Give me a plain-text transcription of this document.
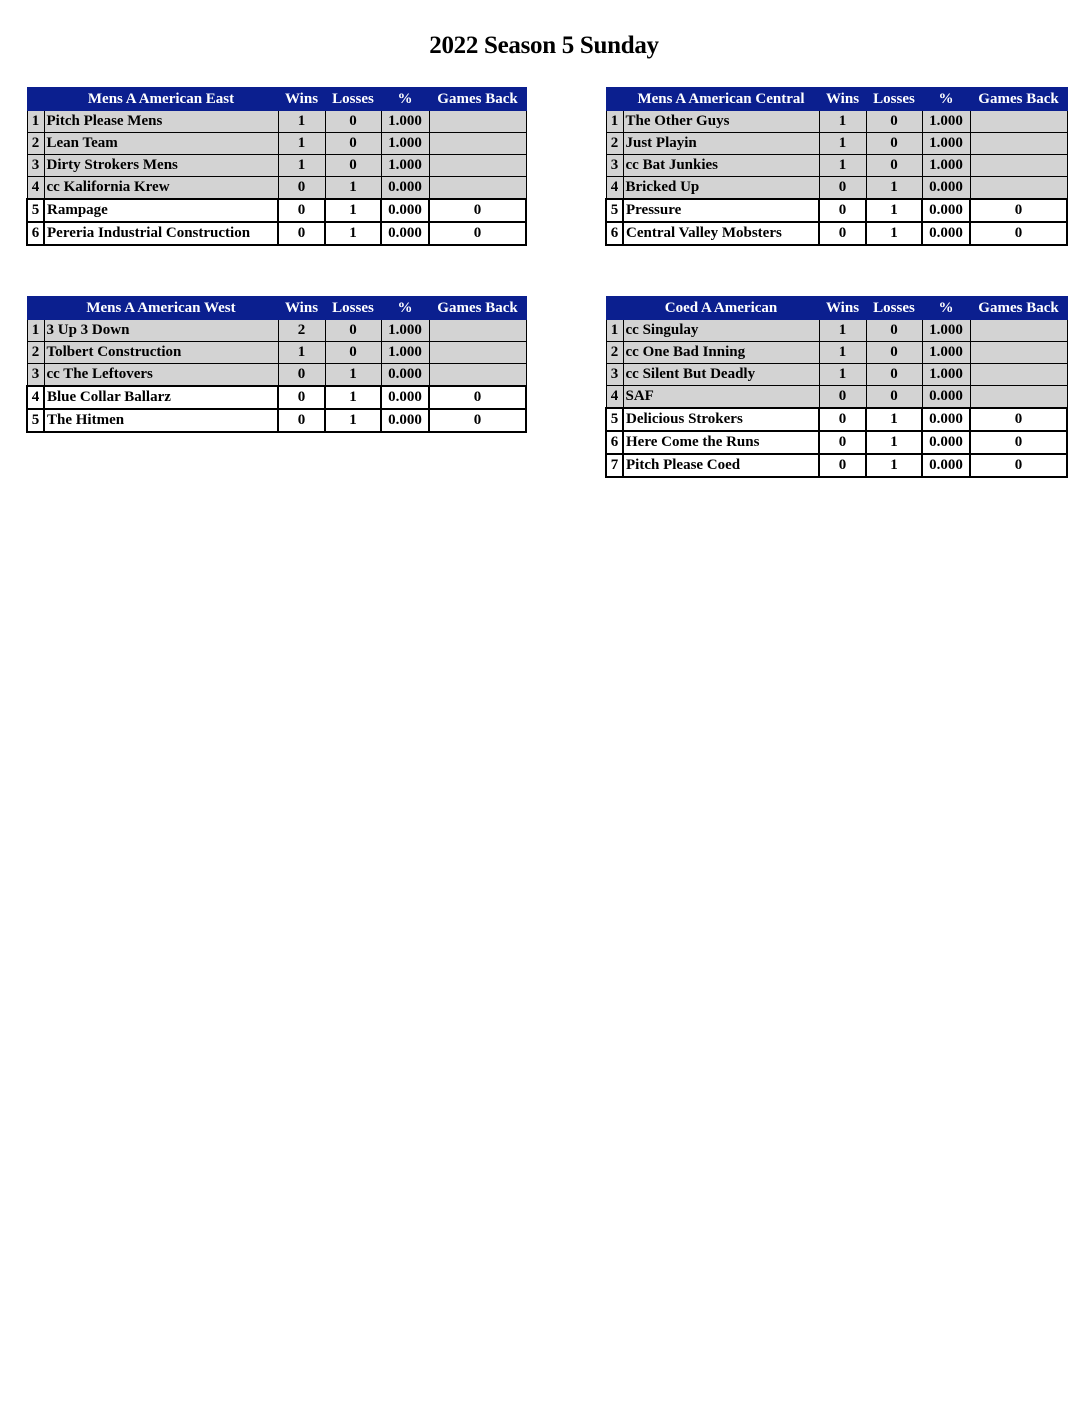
2022 Season 5 Sunday
	Mens A American East	Wins	Losses	%	Games Back
1	Pitch Please Mens	1	0	1.000	
2	Lean Team	1	0	1.000	
3	Dirty Strokers Mens	1	0	1.000	
4	cc Kalifornia Krew	0	1	0.000	
5	Rampage	0	1	0.000	0
6	Pereria Industrial Construction	0	1	0.000	0
	Mens A American Central	Wins	Losses	%	Games Back
1	The Other Guys	1	0	1.000	
2	Just Playin	1	0	1.000	
3	cc Bat Junkies	1	0	1.000	
4	Bricked Up	0	1	0.000	
5	Pressure	0	1	0.000	0
6	Central Valley Mobsters	0	1	0.000	0
	Mens A American West	Wins	Losses	%	Games Back
1	3 Up 3 Down	2	0	1.000	
2	Tolbert Construction	1	0	1.000	
3	cc The Leftovers	0	1	0.000	
4	Blue Collar Ballarz	0	1	0.000	0
5	The Hitmen	0	1	0.000	0
	Coed A American	Wins	Losses	%	Games Back
1	cc Singulay	1	0	1.000	
2	cc One Bad Inning	1	0	1.000	
3	cc Silent But Deadly	1	0	1.000	
4	SAF	0	0	0.000	
5	Delicious Strokers	0	1	0.000	0
6	Here Come the Runs	0	1	0.000	0
7	Pitch Please Coed	0	1	0.000	0
